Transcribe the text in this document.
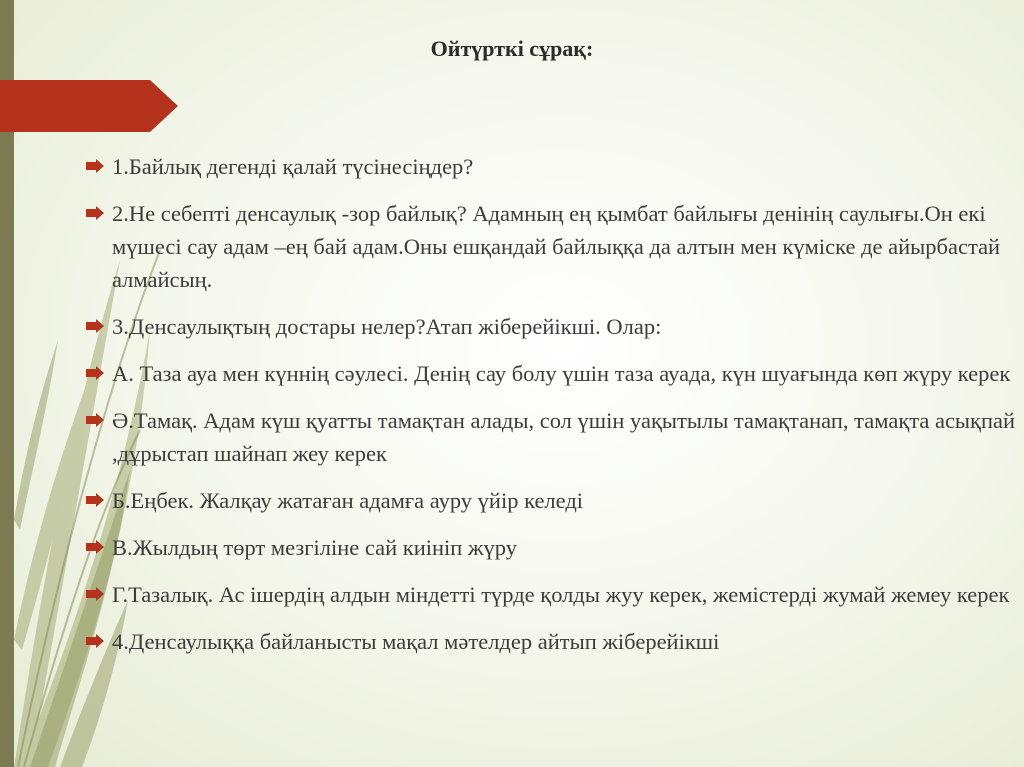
Ойтүрткі сұрақ:
1.Байлық дегенді қалай түсінесіңдер?
2.Не себепті денсаулық -зор байлық? Адамның ең қымбат байлығы денінің саулығы.Он екі мүшесі сау адам –ең бай адам.Оны ешқандай байлыққа да алтын мен күміске де айырбастай алмайсың.
3.Денсаулықтың достары нелер?Атап жіберейікші. Олар:
А. Таза ауа мен күннің сәулесі. Денің сау болу үшін таза ауада, күн шуағында көп жүру керек
Ә.Тамақ. Адам күш қуатты тамақтан алады, сол үшін уақытылы тамақтанап, тамақта асықпай ,дұрыстап шайнап жеу керек
Б.Еңбек. Жалқау жатаған адамға ауру үйір келеді
В.Жылдың төрт мезгіліне сай киініп жүру
Г.Тазалық. Ас ішердің алдын міндетті түрде қолды жуу керек, жемістерді жумай жемеу керек
4.Денсаулыққа байланысты мақал мәтелдер айтып жіберейікші
